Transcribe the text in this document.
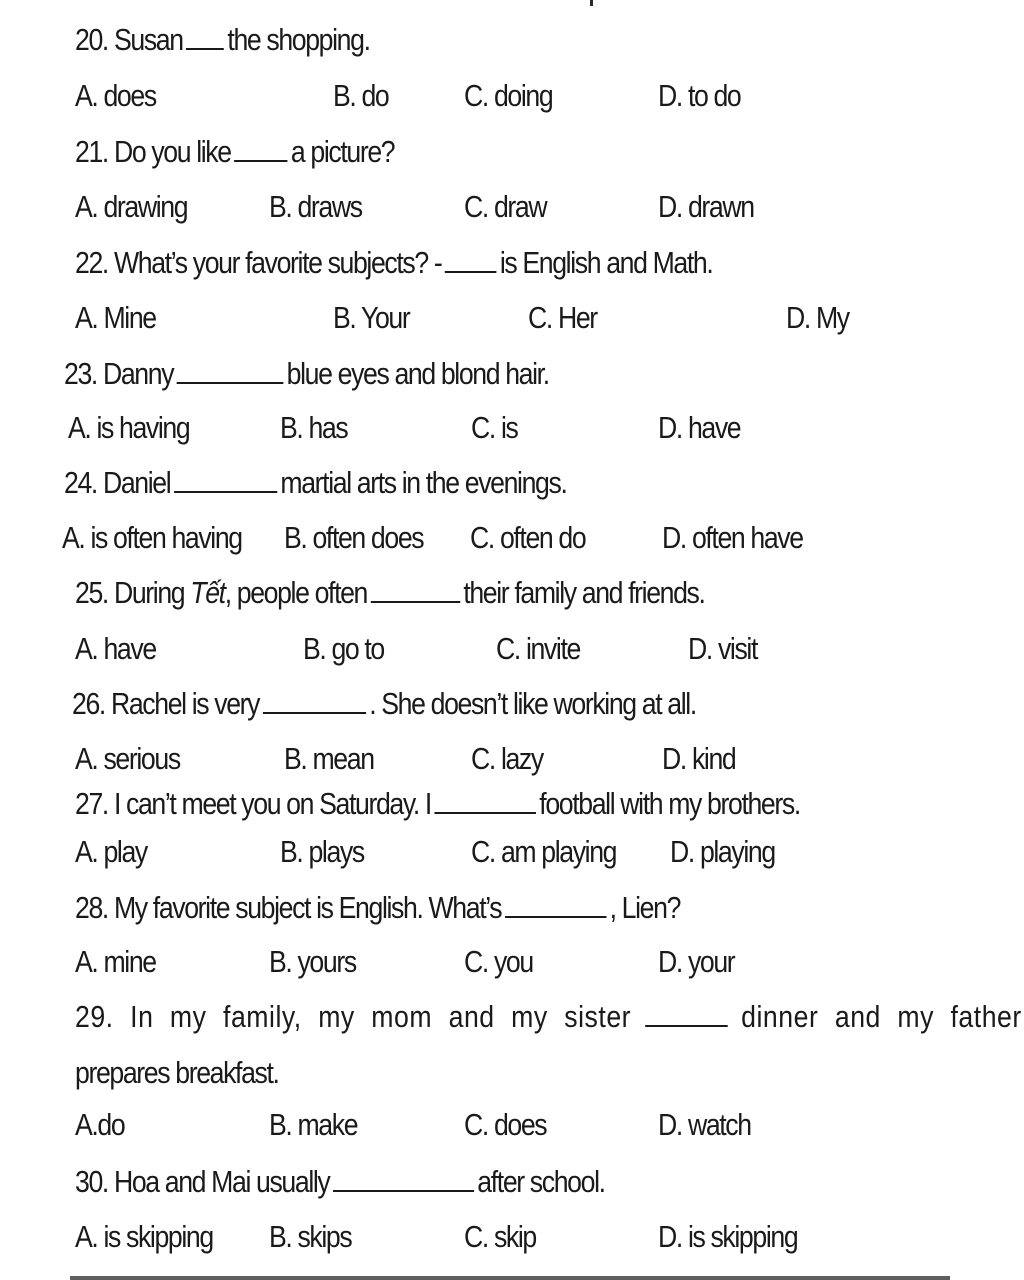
20. Susan the shopping.
A. does	B. do C. doing	D. to do
21. Do you like a picture?
A. drawing	B. draws	C. draw	D. drawn
22. What’s your favorite subjects? - is English and Math.
A. Mine	B. Your	C. Her	D. My
23. Danny	blue eyes and blond hair.
A. is having	B. has	C. is	D. have
24. Daniel	martial arts in the evenings.
A. is often having B. often does C. often do D. often have
25. During Tết, people often	their family and friends.
A. have	B. go to	C. invite	D. visit
26. Rachel is very	. She doesn’t like working at all.
A. serious	B. mean	C. lazy	D. kind
27. I can’t meet you on Saturday. I	football with my brothers.
A. play	B. plays	C. am playing D. playing
28. My favorite subject is English. What’s	, Lien?
A. mine	B. yours	C. you	D. your
29. In my family, my mom and my sister	dinner and my father
prepares breakfast.
A.do	B. make	C. does	D. watch
30. Hoa and Mai usually	after school.
A. is skipping B. skips	C. skip	D. is skipping
